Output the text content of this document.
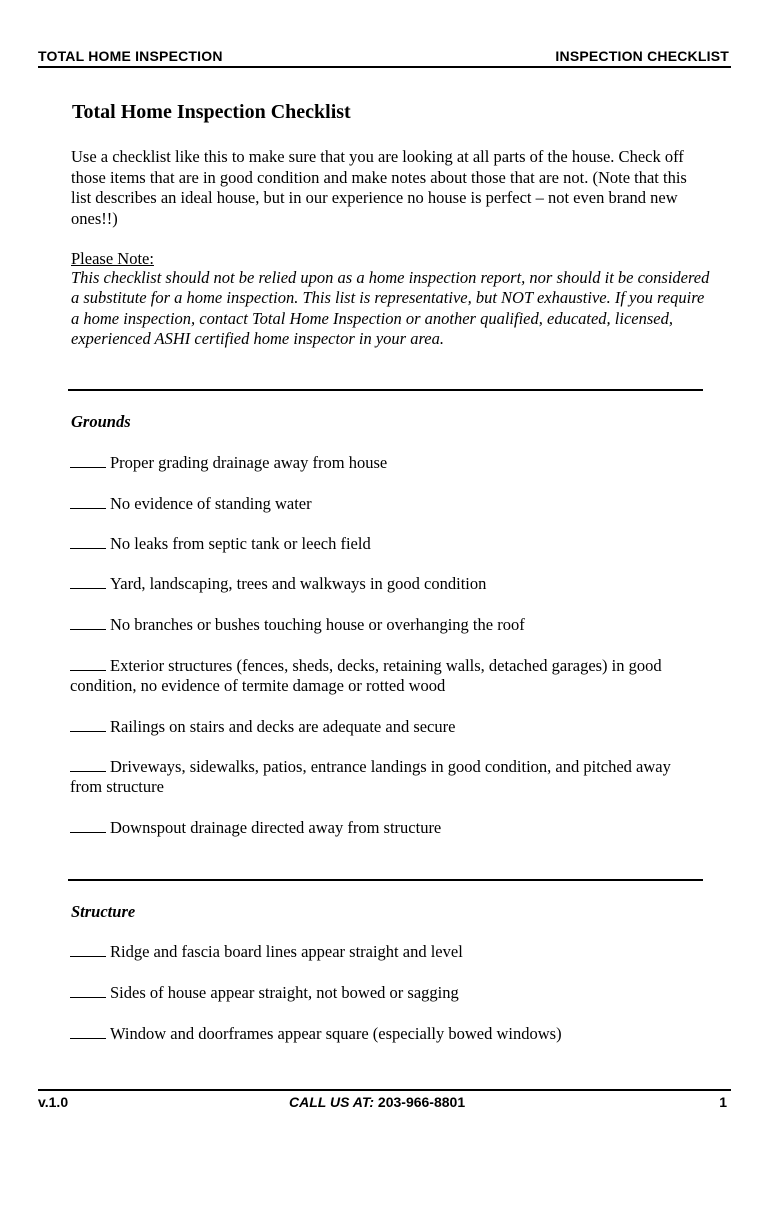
TOTAL HOME INSPECTION	INSPECTION CHECKLIST
Total Home Inspection Checklist
Use a checklist like this to make sure that you are looking at all parts of the house. Check off those items that are in good condition and make notes about those that are not. (Note that this list describes an ideal house, but in our experience no house is perfect – not even brand new ones!!)
Please Note:
This checklist should not be relied upon as a home inspection report, nor should it be considered a substitute for a home inspection. This list is representative, but NOT exhaustive. If you require a home inspection, contact Total Home Inspection or another qualified, educated, licensed, experienced ASHI certified home inspector in your area.
Grounds
Proper grading drainage away from house
No evidence of standing water
No leaks from septic tank or leech field
Yard, landscaping, trees and walkways in good condition
No branches or bushes touching house or overhanging the roof
Exterior structures (fences, sheds, decks, retaining walls, detached garages) in good condition, no evidence of termite damage or rotted wood
Railings on stairs and decks are adequate and secure
Driveways, sidewalks, patios, entrance landings in good condition, and pitched away from structure
Downspout drainage directed away from structure
Structure
Ridge and fascia board lines appear straight and level
Sides of house appear straight, not bowed or sagging
Window and doorframes appear square (especially bowed windows)
v.1.0	CALL US AT: 203-966-8801	1
